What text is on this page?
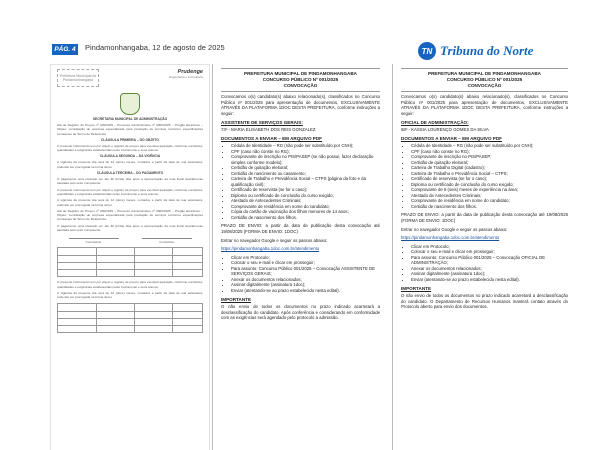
PÁG. 4	Pindamonhangaba, 12 de agosto de 2025	TN Tribuna do Norte
Prefeitura Municipal de Pindamonhangaba
Prudenge
Engenharia e Consultoria
SECRETARIA MUNICIPAL DE ADMINISTRAÇÃO

Ata de Registro de Preços nº 000/2025 – Processo Administrativo nº 0000/2025 – Pregão Eletrônico – Objeto: contratação de empresa especializada para prestação de serviços conforme especificações constantes do Termo de Referência.

CLÁUSULA PRIMEIRA – DO OBJETO

O presente instrumento tem por objeto o registro de preços para eventual aquisição, conforme condições, quantidades e exigências estabelecidas neste instrumento e seus anexos.

CLÁUSULA SEGUNDA – DA VIGÊNCIA

A vigência da presente Ata será de 12 (doze) meses, contados a partir da data de sua assinatura, podendo ser prorrogada na forma da lei.

CLÁUSULA TERCEIRA – DO PAGAMENTO

O pagamento será efetuado em até 30 (trinta) dias após a apresentação da nota fiscal devidamente atestada pelo setor competente.

O presente instrumento tem por objeto o registro de preços para eventual aquisição, conforme condições, quantidades e exigências estabelecidas neste instrumento e seus anexos.

A vigência da presente Ata será de 12 (doze) meses, contados a partir da data de sua assinatura, podendo ser prorrogada na forma da lei.

Ata de Registro de Preços nº 000/2025 – Processo Administrativo nº 0000/2025 – Pregão Eletrônico – Objeto: contratação de empresa especializada para prestação de serviços conforme especificações constantes do Termo de Referência.

O pagamento será efetuado em até 30 (trinta) dias após a apresentação da nota fiscal devidamente atestada pelo setor competente.

Contratante	Contratada

O presente instrumento tem por objeto o registro de preços para eventual aquisição, conforme condições, quantidades e exigências estabelecidas neste instrumento e seus anexos.

A vigência da presente Ata será de 12 (doze) meses, contados a partir da data de sua assinatura, podendo ser prorrogada na forma da lei.

PREFEITURA MUNICIPAL DE PINDAMONHANGABA
CONCURSO PÚBLICO Nº 001/2025
CONVOCAÇÃO

Convocamos o(s) candidato(s) abaixo relacionado(s), classificados no Concurso Público nº 001/2025 para apresentação de documentos, EXCLUSIVAMENTE ATRAVÉS DA PLATAFORMA 1DOC DESTA PREFEITURA, conforme instruções a seguir:

ASSISTENTE DE SERVIÇOS GERAIS:
73º - MARIA ELISABETH DOS REIS GONZALEZ
DOCUMENTOS A ENVIAR – EM ARQUIVO PDF
• Cédula de Identidade – RG (não pode ser substituído por CNH);
• CPF (caso não conste no RG);
• Comprovante de inscrição no PIS/PASEP (se não possui, fazer declaração simples conforme modelo);
• Certidão de quitação eleitoral;
• Certidão de nascimento ou casamento;
• Carteira de Trabalho e Previdência Social – CTPS (página da foto e da qualificação civil);
• Certificado de reservista (se for o caso);
• Diploma ou certificado de conclusão do curso exigido;
• Atestado de Antecedentes Criminais;
• Comprovante de residência em nome do candidato;
• Cópia do cartão de vacinação dos filhos menores de 14 anos;
• Certidão de nascimento dos filhos.

PRAZO DE ENVIO: a partir da data de publicação desta convocação até 19/08/2025 (FORMA DE ENVIO: 1DOC)

Entrar no navegador Google e seguir os passos abaixo:

https://pindamonhangaba.1doc.com.br/atendimento

• Clicar em Protocolo;
• Colocar o seu e-mail e clicar em prosseguir;
• Para assunto: Concurso Público 001/2025 – Convocação ASSISTENTE DE SERVIÇOS GERAIS;
• Anexar os documentos relacionados;
• Assinar digitalmente (assinatura 1doc);
• Enviar (atentando-se ao prazo estabelecido nesta edital).
IMPORTANTE

O não envio de todos os documentos no prazo indicado acarretará a desclassificação do candidato. Após conferência e considerando em conformidade com as exigências será agendado pelo protocolo a admissão.

PREFEITURA MUNICIPAL DE PINDAMONHANGABA
CONCURSO PÚBLICO Nº 001/2025
CONVOCAÇÃO

Convocamos o(s) candidato(s) abaixo relacionado(s), classificados no Concurso Público nº 001/2025 para apresentação de documentos, EXCLUSIVAMENTE ATRAVÉS DA PLATAFORMA 1DOC DESTA PREFEITURA, conforme instruções a seguir:

OFICIAL DE ADMINISTRAÇÃO:
68º - KASSIA LOURENÇO GOMES DA SILVA
DOCUMENTOS A ENVIAR – EM ARQUIVO PDF
• Cédula de Identidade – RG (não pode ser substituído por CNH);
• CPF (caso não conste no RG);
• Comprovante de inscrição no PIS/PASEP;
• Certidão de quitação eleitoral;
• Carteira de Trabalho Digital (cadastro);
• Carteira de Trabalho e Previdência Social – CTPS;
• Certificado de reservista (se for o caso);
• Diploma ou certificado de conclusão do curso exigido;
• Comprovante de 6 (seis) meses de experiência na área;
• Atestado de Antecedentes Criminais;
• Comprovante de residência em nome do candidato;
• Certidão de nascimento dos filhos.

PRAZO DE ENVIO: a partir da data de publicação desta convocação até 19/08/2025 (FORMA DE ENVIO: 1DOC)

Entrar no navegador Google e seguir os passos abaixo:

https://pindamonhangaba.1doc.com.br/atendimento

• Clicar em Protocolo;
• Colocar o seu e-mail e clicar em prosseguir;
• Para assunto: Concurso Público 001/2025 – Convocação OFICIAL DE ADMINISTRAÇÃO;
• Anexar os documentos relacionados;
• Assinar digitalmente (assinatura 1doc);
• Enviar (atentando-se ao prazo estabelecido nesta edital).
IMPORTANTE

O não envio de todos os documentos no prazo indicado acarretará a desclassificação do candidato. O Departamento de Recursos Humanos manterá contato através do Protocolo aberto para envio dos documentos.
